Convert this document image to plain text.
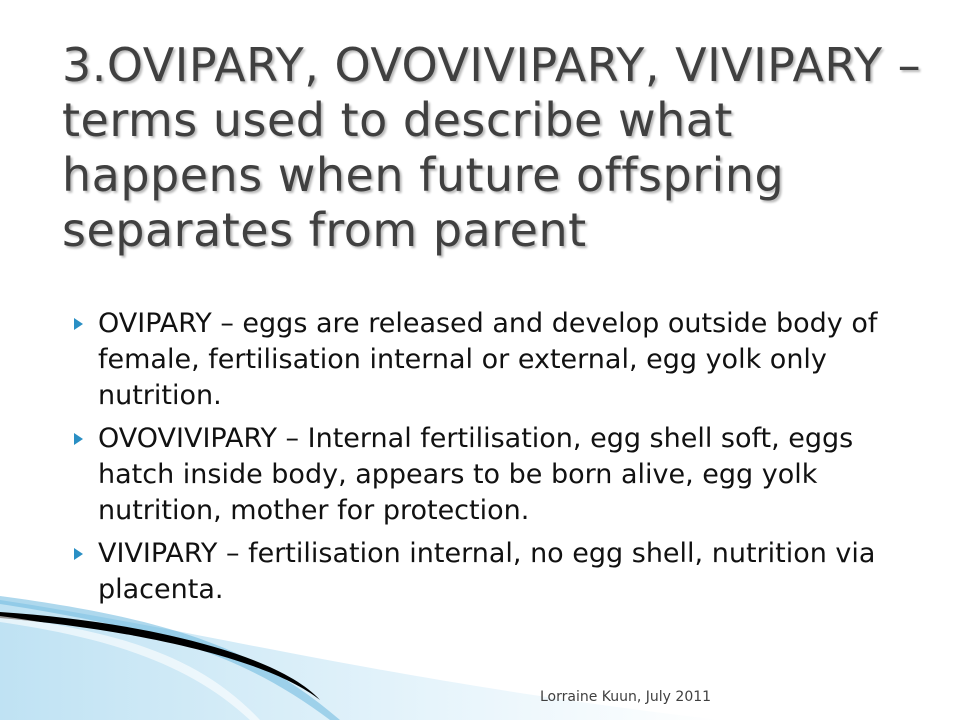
3.OVIPARY, OVOVIVIPARY, VIVIPARY – terms used to describe what happens when future offspring separates from parent
OVIPARY – eggs are released and develop outside body of female, fertilisation internal or external, egg yolk only nutrition.
OVOVIVIPARY – Internal fertilisation, egg shell soft, eggs hatch inside body, appears to be born alive, egg yolk nutrition, mother for protection.
VIVIPARY – fertilisation internal, no egg shell, nutrition via placenta.
Lorraine Kuun, July 2011
